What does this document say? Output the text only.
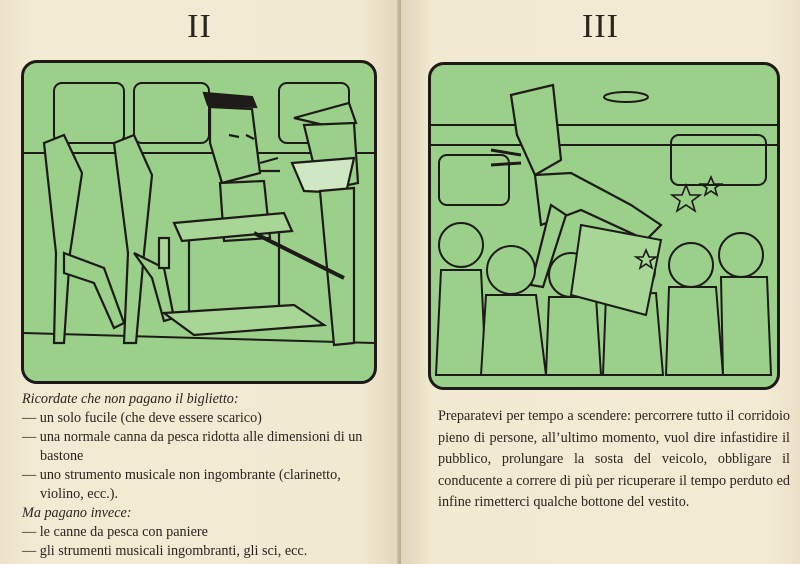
II
Ricordate che non pagano il biglietto:
— un solo fucile (che deve essere scarico)
— una normale canna da pesca ridotta alle dimensioni di un bastone
— uno strumento musicale non ingombrante (clarinetto, violino, ecc.).
Ma pagano invece:
— le canne da pesca con paniere
— gli strumenti musicali ingombranti, gli sci, ecc.
III
Preparatevi per tempo a scendere: percorrere tutto il corridoio pieno di persone, all’ultimo momento, vuol dire infastidire il pubblico, prolungare la sosta del veicolo, obbligare il conducente a correre di più per ricuperare il tempo perduto ed infine rimetterci qualche bottone del vestito.
